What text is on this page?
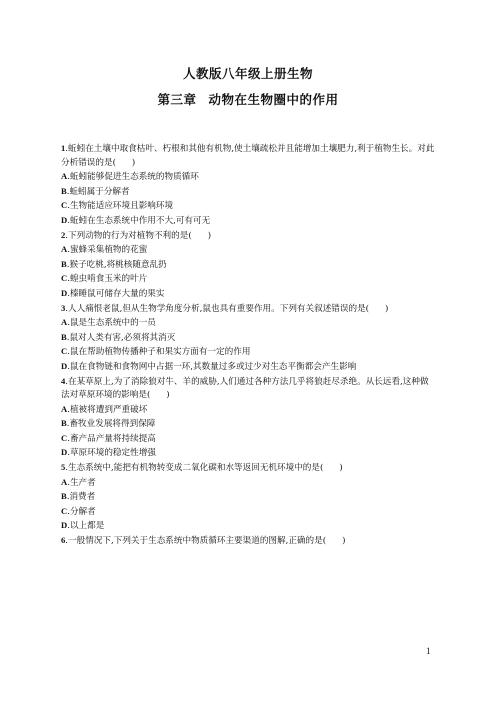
人教版八年级上册生物
第三章 动物在生物圈中的作用
1.蚯蚓在土壤中取食枯叶、朽根和其他有机物,使土壤疏松并且能增加土壤肥力,利于植物生长。对此分析错误的是( )
A.蚯蚓能够促进生态系统的物质循环
B.蚯蚓属于分解者
C.生物能适应环境且影响环境
D.蚯蚓在生态系统中作用不大,可有可无
2.下列动物的行为对植物不利的是( )
A.蜜蜂采集植物的花蜜
B.猴子吃桃,将桃核随意乱扔
C.蝗虫啃食玉米的叶片
D.榛睡鼠可储存大量的果实
3.人人痛恨老鼠,但从生物学角度分析,鼠也具有重要作用。下列有关叙述错误的是( )
A.鼠是生态系统中的一员
B.鼠对人类有害,必须将其消灭
C.鼠在帮助植物传播种子和果实方面有一定的作用
D.鼠在食物链和食物网中占据一环,其数量过多或过少对生态平衡都会产生影响
4.在某草原上,为了消除狼对牛、羊的威胁,人们通过各种方法几乎将狼赶尽杀绝。从长远看,这种做法对草原环境的影响是( )
A.植被将遭到严重破坏
B.畜牧业发展将得到保障
C.畜产品产量将持续提高
D.草原环境的稳定性增强
5.生态系统中,能把有机物转变成二氧化碳和水等返回无机环境中的是( )
A.生产者
B.消费者
C.分解者
D.以上都是
6.一般情况下,下列关于生态系统中物质循环主要渠道的图解,正确的是( )
1
